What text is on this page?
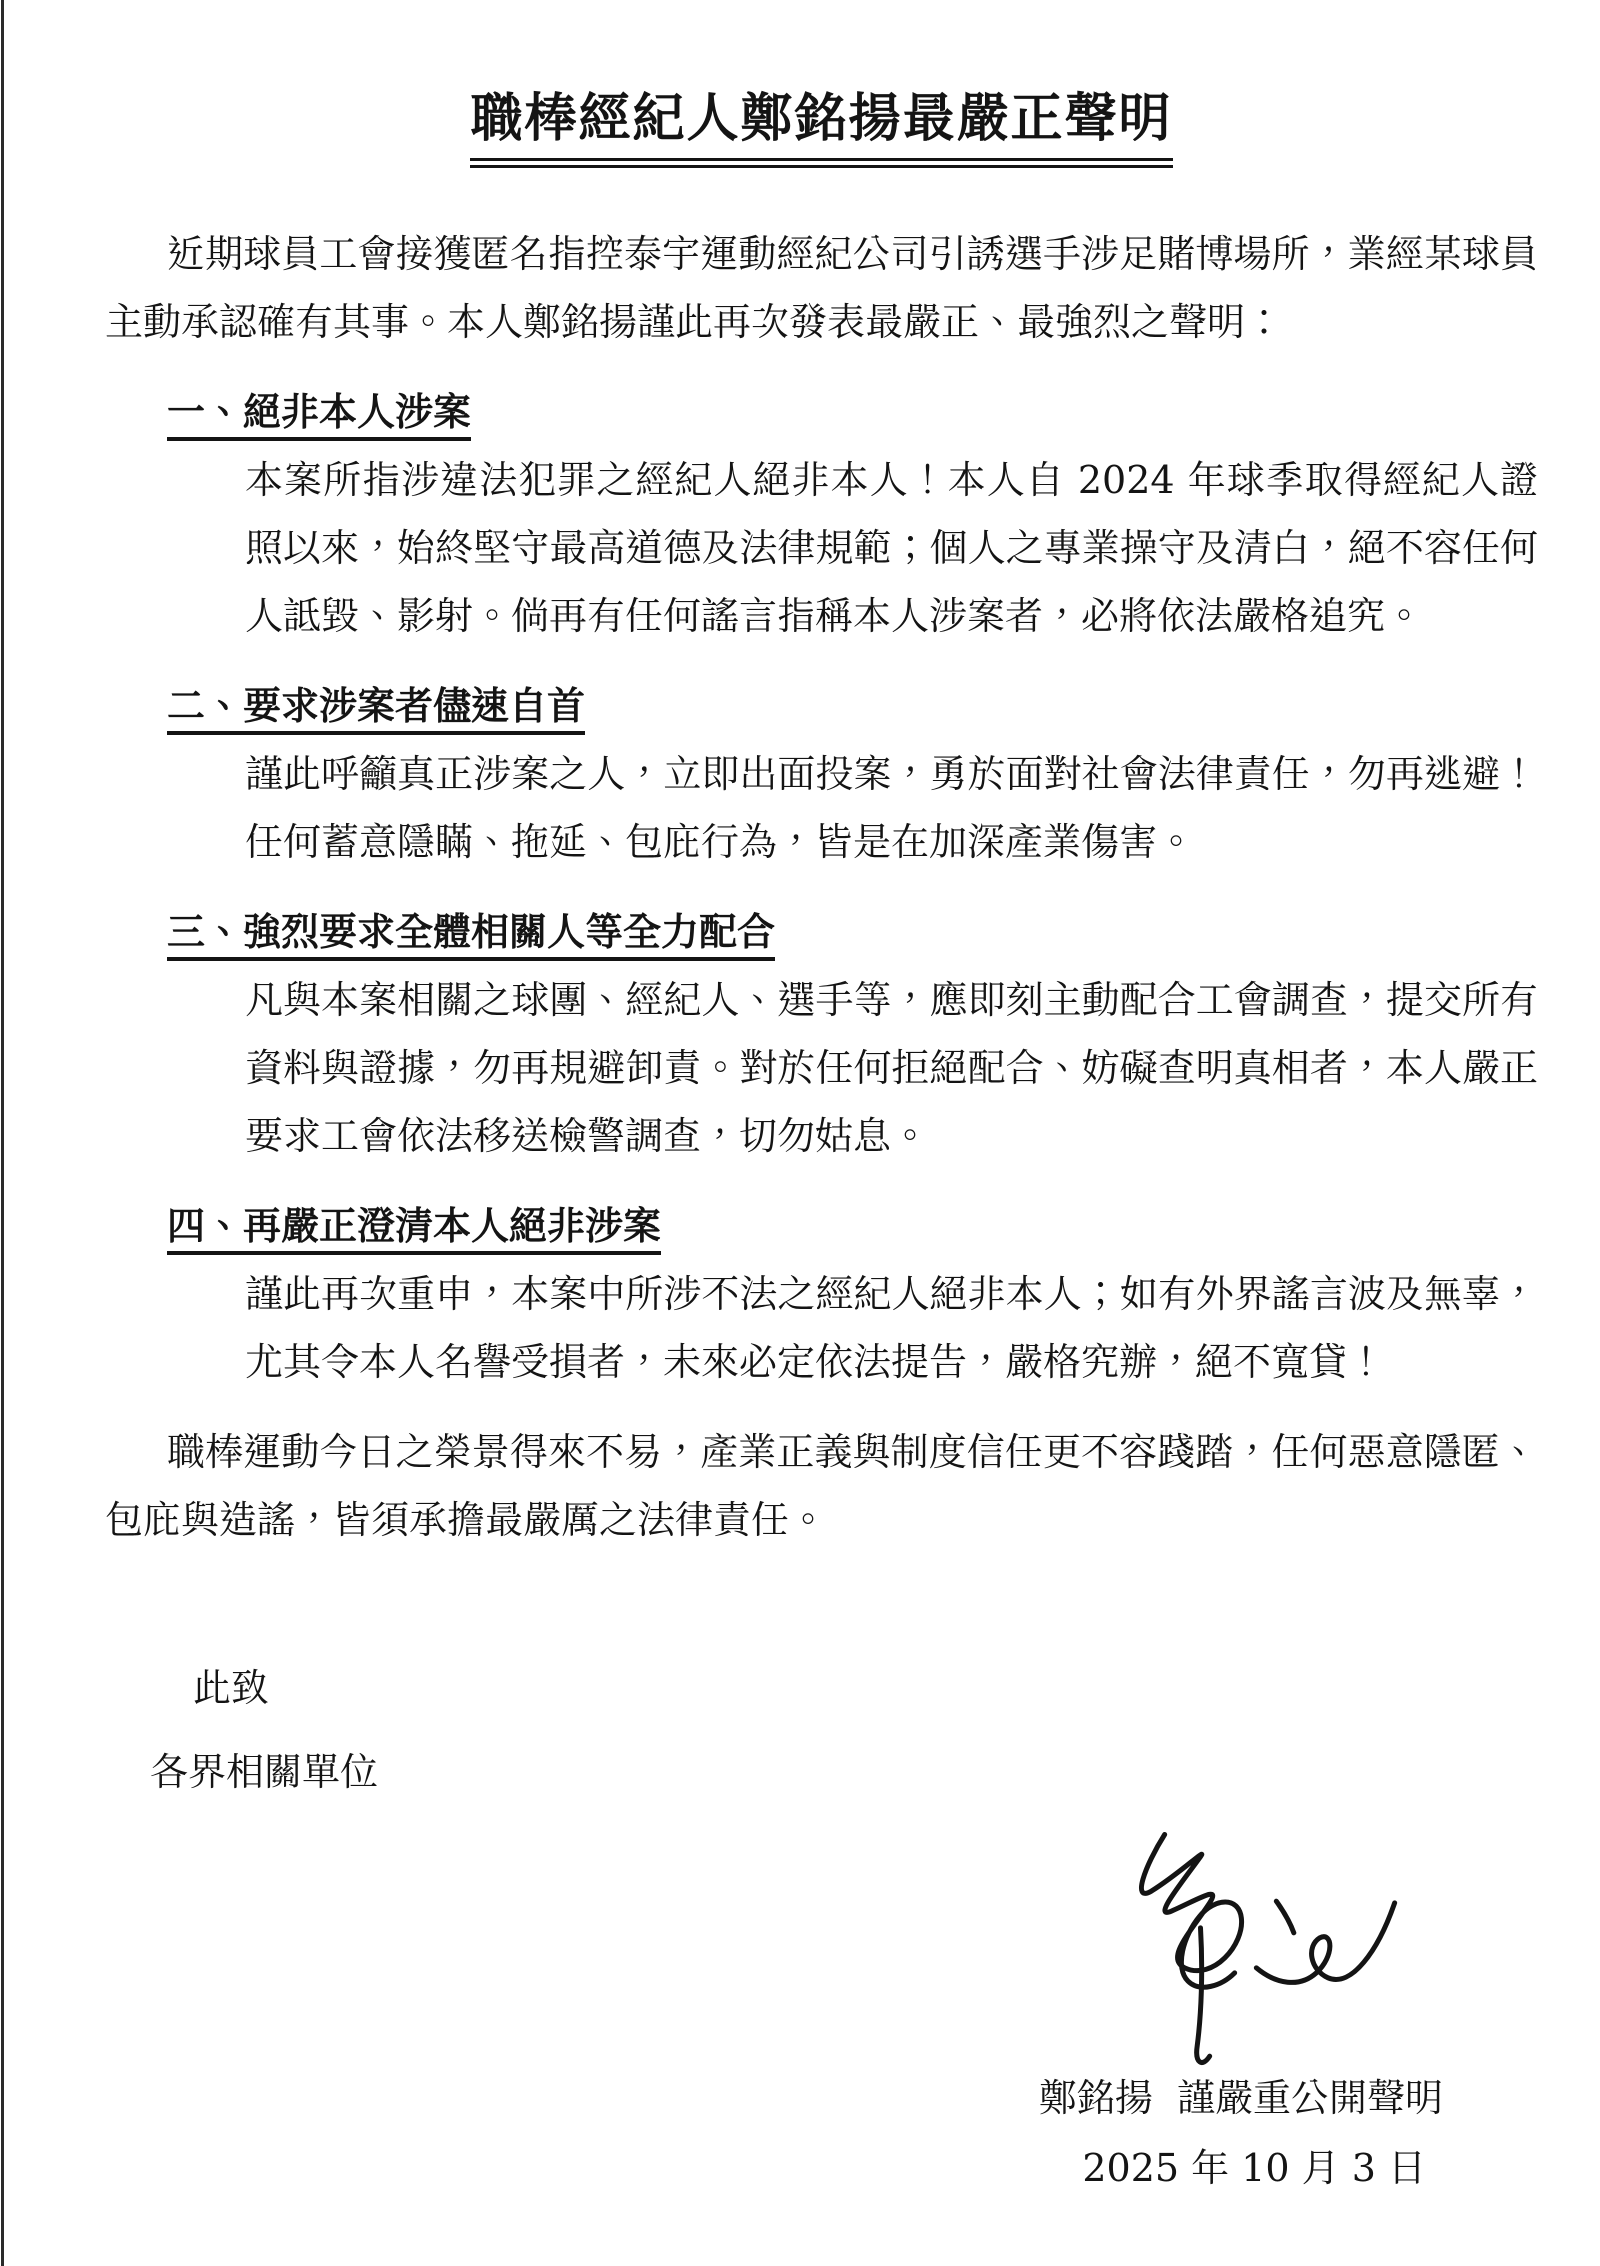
職棒經紀人鄭銘揚最嚴正聲明

近期球員工會接獲匿名指控泰宇運動經紀公司引誘選手涉足賭博場所，業經某球員主動承認確有其事。本人鄭銘揚謹此再次發表最嚴正、最強烈之聲明：

一、絕非本人涉案

本案所指涉違法犯罪之經紀人絕非本人！本人自 2024 年球季取得經紀人證照以來，始終堅守最高道德及法律規範；個人之專業操守及清白，絕不容任何人詆毀、影射。倘再有任何謠言指稱本人涉案者，必將依法嚴格追究。

二、要求涉案者儘速自首

謹此呼籲真正涉案之人，立即出面投案，勇於面對社會法律責任，勿再逃避！任何蓄意隱瞞、拖延、包庇行為，皆是在加深產業傷害。

三、強烈要求全體相關人等全力配合

凡與本案相關之球團、經紀人、選手等，應即刻主動配合工會調查，提交所有資料與證據，勿再規避卸責。對於任何拒絕配合、妨礙查明真相者，本人嚴正要求工會依法移送檢警調查，切勿姑息。

四、再嚴正澄清本人絕非涉案

謹此再次重申，本案中所涉不法之經紀人絕非本人；如有外界謠言波及無辜，尤其令本人名譽受損者，未來必定依法提告，嚴格究辦，絕不寬貸！

職棒運動今日之榮景得來不易，產業正義與制度信任更不容踐踏，任何惡意隱匿、包庇與造謠，皆須承擔最嚴厲之法律責任。

此致

各界相關單位

鄭銘揚  謹嚴重公開聲明
2025 年 10 月 3 日
